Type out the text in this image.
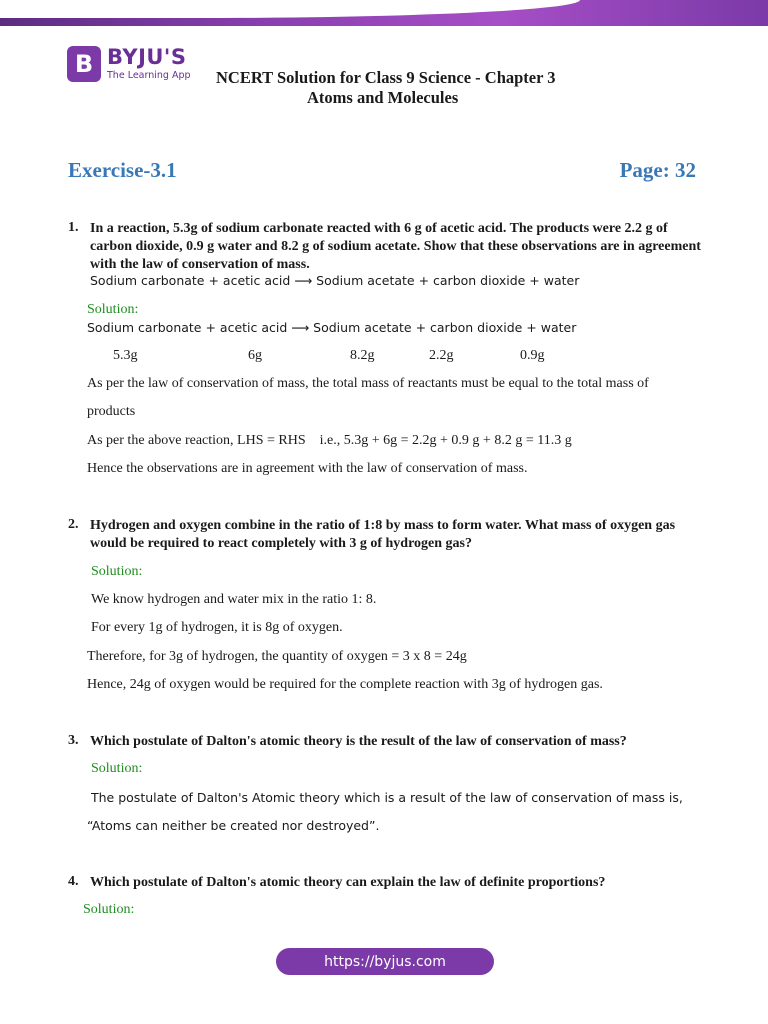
B BYJU'S
The Learning App NCERT Solution for Class 9 Science - Chapter 3
Atoms and Molecules
Exercise-3.1	Page: 32
1. In a reaction, 5.3g of sodium carbonate reacted with 6 g of acetic acid. The products were 2.2 g of carbon dioxide, 0.9 g water and 8.2 g of sodium acetate. Show that these observations are in agreement with the law of conservation of mass.
Sodium carbonate + acetic acid ⟶ Sodium acetate + carbon dioxide + water
Solution:
Sodium carbonate + acetic acid ⟶ Sodium acetate + carbon dioxide + water
5.3g	6g	8.2g	2.2g	0.9g
As per the law of conservation of mass, the total mass of reactants must be equal to the total mass of
products
As per the above reaction, LHS = RHS    i.e., 5.3g + 6g = 2.2g + 0.9 g + 8.2 g = 11.3 g
Hence the observations are in agreement with the law of conservation of mass.
2. Hydrogen and oxygen combine in the ratio of 1:8 by mass to form water. What mass of oxygen gas would be required to react completely with 3 g of hydrogen gas?
Solution:
We know hydrogen and water mix in the ratio 1: 8.
For every 1g of hydrogen, it is 8g of oxygen.
Therefore, for 3g of hydrogen, the quantity of oxygen = 3 x 8 = 24g
Hence, 24g of oxygen would be required for the complete reaction with 3g of hydrogen gas.
3. Which postulate of Dalton's atomic theory is the result of the law of conservation of mass?
Solution:
The postulate of Dalton's Atomic theory which is a result of the law of conservation of mass is,
“Atoms can neither be created nor destroyed”.
4. Which postulate of Dalton's atomic theory can explain the law of definite proportions?
Solution:
https://byjus.com
